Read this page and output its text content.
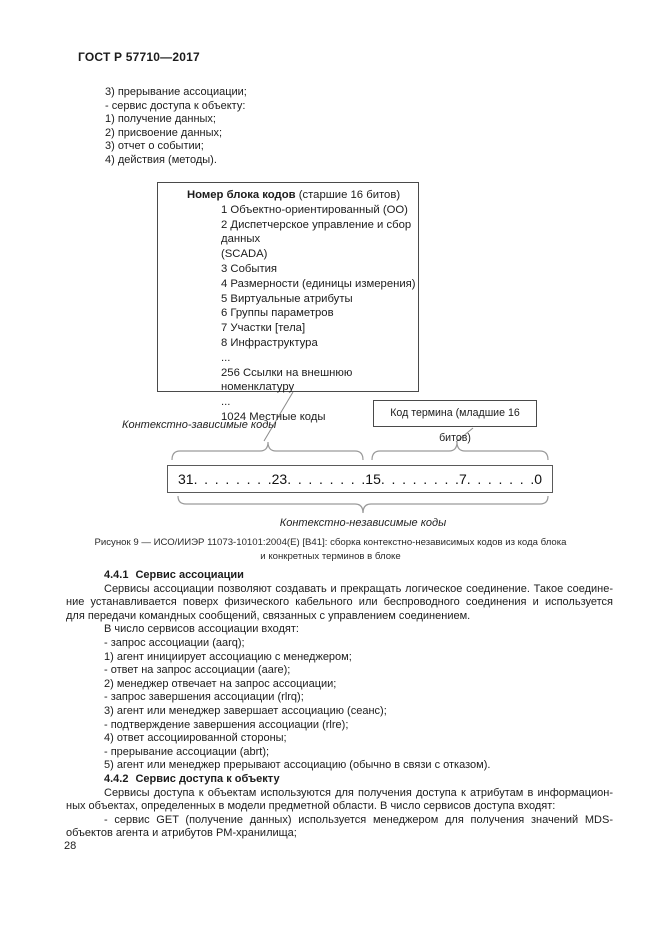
ГОСТ Р 57710—2017
3) прерывание ассоциации;
- сервис доступа к объекту:
1) получение данных;
2) присвоение данных;
3) отчет о событии;
4) действия (методы).
Номер блока кодов (старшие 16 битов)
1 Объектно-ориентированный (ОО)
2 Диспетчерское управление и сбор данных
(SCADA)
3 События
4 Размерности (единицы измерения)
5 Виртуальные атрибуты
6 Группы параметров
7 Участки [тела]
8 Инфраструктура
...
256 Ссылки на внешнюю номенклатуру
...
1024 Местные коды	Код термина (младшие 16 битов)
Контекстно-зависимые коды
31. . . . . . . .23. . . . . . . .15. . . . . . . .7. . . . . . .0
Контекстно-независимые коды
Рисунок 9 — ИСО/ИИЭР 11073-10101:2004(E) [В41]: сборка контекстно-независимых кодов из кода блока
и конкретных терминов в блоке
4.4.1 Сервис ассоциации
Сервисы ассоциации позволяют создавать и прекращать логическое соединение. Такое соедине-
ние устанавливается поверх физического кабельного или беспроводного соединения и используется
для передачи командных сообщений, связанных с управлением соединением.
В число сервисов ассоциации входят:
- запрос ассоциации (aarq);
1) агент инициирует ассоциацию с менеджером;
- ответ на запрос ассоциации (aare);
2) менеджер отвечает на запрос ассоциации;
- запрос завершения ассоциации (rlrq);
3) агент или менеджер завершает ассоциацию (сеанс);
- подтверждение завершения ассоциации (rlre);
4) ответ ассоциированной стороны;
- прерывание ассоциации (abrt);
5) агент или менеджер прерывают ассоциацию (обычно в связи с отказом).
4.4.2 Сервис доступа к объекту
Сервисы доступа к объектам используются для получения доступа к атрибутам в информацион-
ных объектах, определенных в модели предметной области. В число сервисов доступа входят:
- сервис GET (получение данных) используется менеджером для получения значений MDS-
объектов агента и атрибутов PM-хранилища;
28
